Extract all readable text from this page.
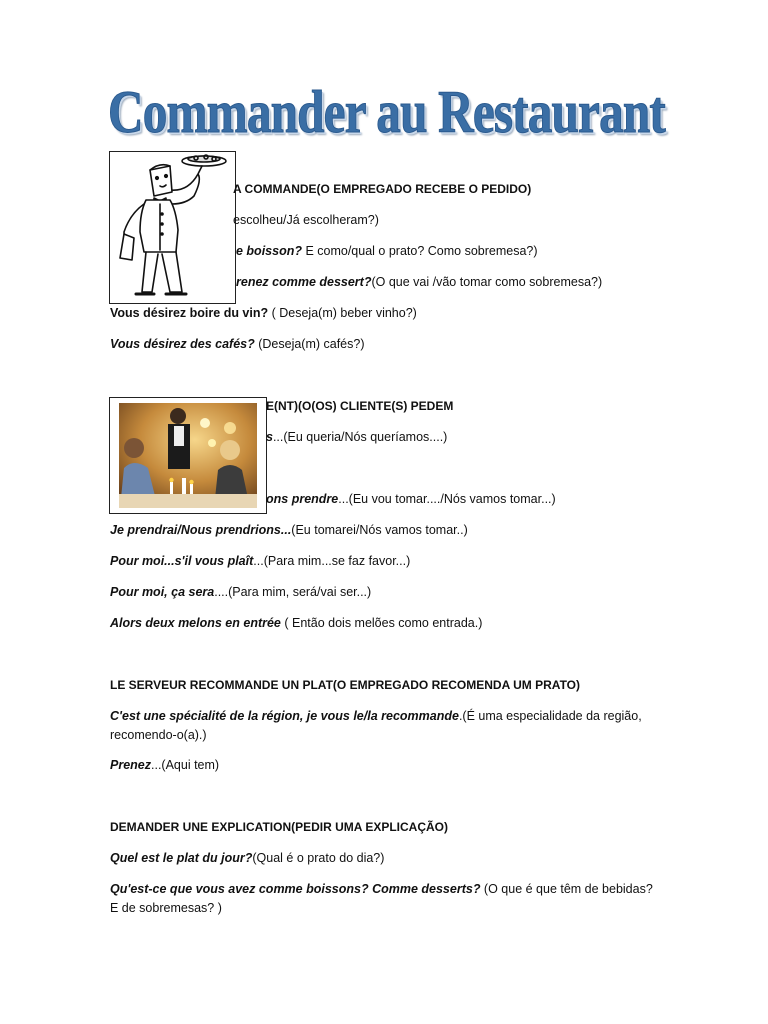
Commander au Restaurant
A COMMANDE(O EMPREGADO RECEBE O PEDIDO)
escolheu/Já escolheram?)
e boisson? E como/qual o prato? Como sobremesa?)
renez comme dessert?(O que vai /vão tomar como sobremesa?)
Vous désirez boire du vin? ( Deseja(m) beber vinho?)
Vous désirez des cafés? (Deseja(m) cafés?)
E(NT)(O(OS) CLIENTE(S) PEDEM
s...(Eu queria/Nós queríamos....)
ons prendre...(Eu vou tomar..../Nós vamos tomar...)
Je prendrai/Nous prendrions...(Eu tomarei/Nós vamos tomar..)
Pour moi...s'il vous plaît...(Para mim...se faz favor...)
Pour moi, ça sera....(Para mim, será/vai ser...)
Alors deux melons en entrée ( Então dois melões como entrada.)
LE SERVEUR RECOMMANDE UN PLAT(O EMPREGADO RECOMENDA UM PRATO)
C'est une spécialité de la région, je vous le/la recommande.(É uma especialidade da região, recomendo-o(a).)
Prenez...(Aqui tem)
DEMANDER UNE EXPLICATION(PEDIR UMA EXPLICAÇÃO)
Quel est le plat du jour?(Qual é o prato do dia?)
Qu'est-ce que vous avez comme boissons? Comme desserts? (O que é que têm de bebidas? E de sobremesas? )
